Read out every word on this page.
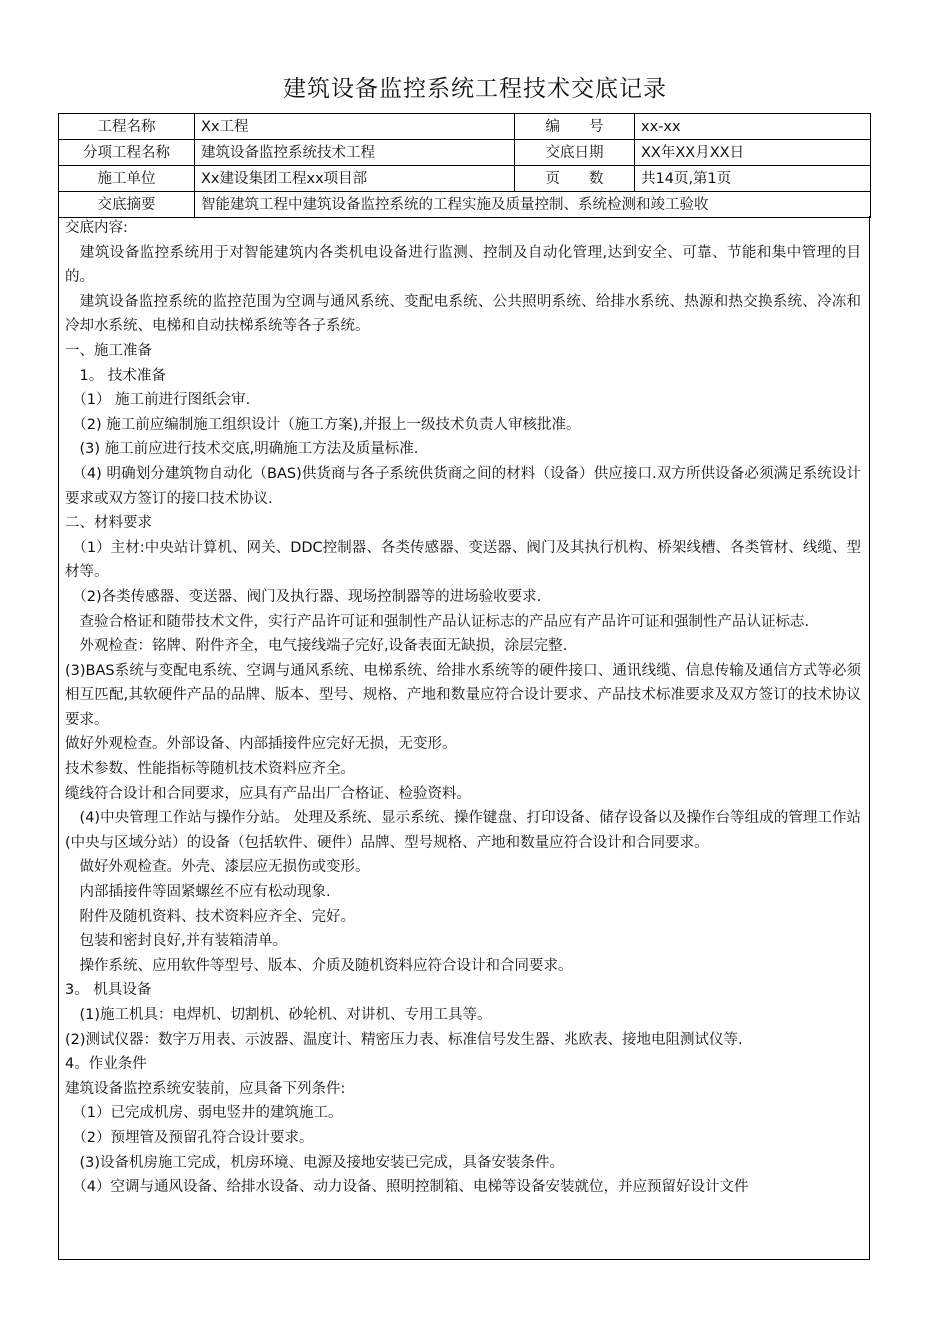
建筑设备监控系统工程技术交底记录
工程名称	Xx工程	编　　号	xx-xx
分项工程名称	建筑设备监控系统技术工程	交底日期	XX年XX月XX日
施工单位	Xx建设集团工程xx项目部	页　　数	共14页,第1页
交底摘要	智能建筑工程中建筑设备监控系统的工程实施及质量控制、系统检测和竣工验收		

交底内容:

　建筑设备监控系统用于对智能建筑内各类机电设备进行监测、控制及自动化管理,达到安全、可靠、节能和集中管理的目的。

　建筑设备监控系统的监控范围为空调与通风系统、变配电系统、公共照明系统、给排水系统、热源和热交换系统、冷冻和冷却水系统、电梯和自动扶梯系统等各子系统。

一、施工准备

　1。 技术准备

　（1） 施工前进行图纸会审.

　（2) 施工前应编制施工组织设计（施工方案),并报上一级技术负责人审核批准。

　(3) 施工前应进行技术交底,明确施工方法及质量标准.

　（4) 明确划分建筑物自动化（BAS)供货商与各子系统供货商之间的材料（设备）供应接口.双方所供设备必须满足系统设计要求或双方签订的接口技术协议.

二、材料要求

　（1）主材:中央站计算机、网关、DDC控制器、各类传感器、变送器、阀门及其执行机构、桥架线槽、各类管材、线缆、型材等。

　（2)各类传感器、变送器、阀门及执行器、现场控制器等的进场验收要求.

　查验合格证和随带技术文件，实行产品许可证和强制性产品认证标志的产品应有产品许可证和强制性产品认证标志.

　外观检查：铭牌、附件齐全，电气接线端子完好,设备表面无缺损，涂层完整.

(3)BAS系统与变配电系统、空调与通风系统、电梯系统、给排水系统等的硬件接口、通讯线缆、信息传输及通信方式等必须相互匹配,其软硬件产品的品牌、版本、型号、规格、产地和数量应符合设计要求、产品技术标准要求及双方签订的技术协议要求。

做好外观检查。外部设备、内部插接件应完好无损，无变形。

技术参数、性能指标等随机技术资料应齐全。

缆线符合设计和合同要求，应具有产品出厂合格证、检验资料。

　(4)中央管理工作站与操作分站。 处理及系统、显示系统、操作键盘、打印设备、储存设备以及操作台等组成的管理工作站(中央与区域分站）的设备（包括软件、硬件）品牌、型号规格、产地和数量应符合设计和合同要求。

　做好外观检查。外壳、漆层应无损伤或变形。

　内部插接件等固紧螺丝不应有松动现象.

　附件及随机资料、技术资料应齐全、完好。

　包装和密封良好,并有装箱清单。

　操作系统、应用软件等型号、版本、介质及随机资料应符合设计和合同要求。

3。 机具设备

　(1)施工机具：电焊机、切割机、砂轮机、对讲机、专用工具等。

(2)测试仪器：数字万用表、示波器、温度计、精密压力表、标准信号发生器、兆欧表、接地电阻测试仪等.

4。作业条件

建筑设备监控系统安装前，应具备下列条件:

　（1）已完成机房、弱电竖井的建筑施工。

　（2）预埋管及预留孔符合设计要求。

　(3)设备机房施工完成，机房环境、电源及接地安装已完成，具备安装条件。

　（4）空调与通风设备、给排水设备、动力设备、照明控制箱、电梯等设备安装就位，并应预留好设计文件
